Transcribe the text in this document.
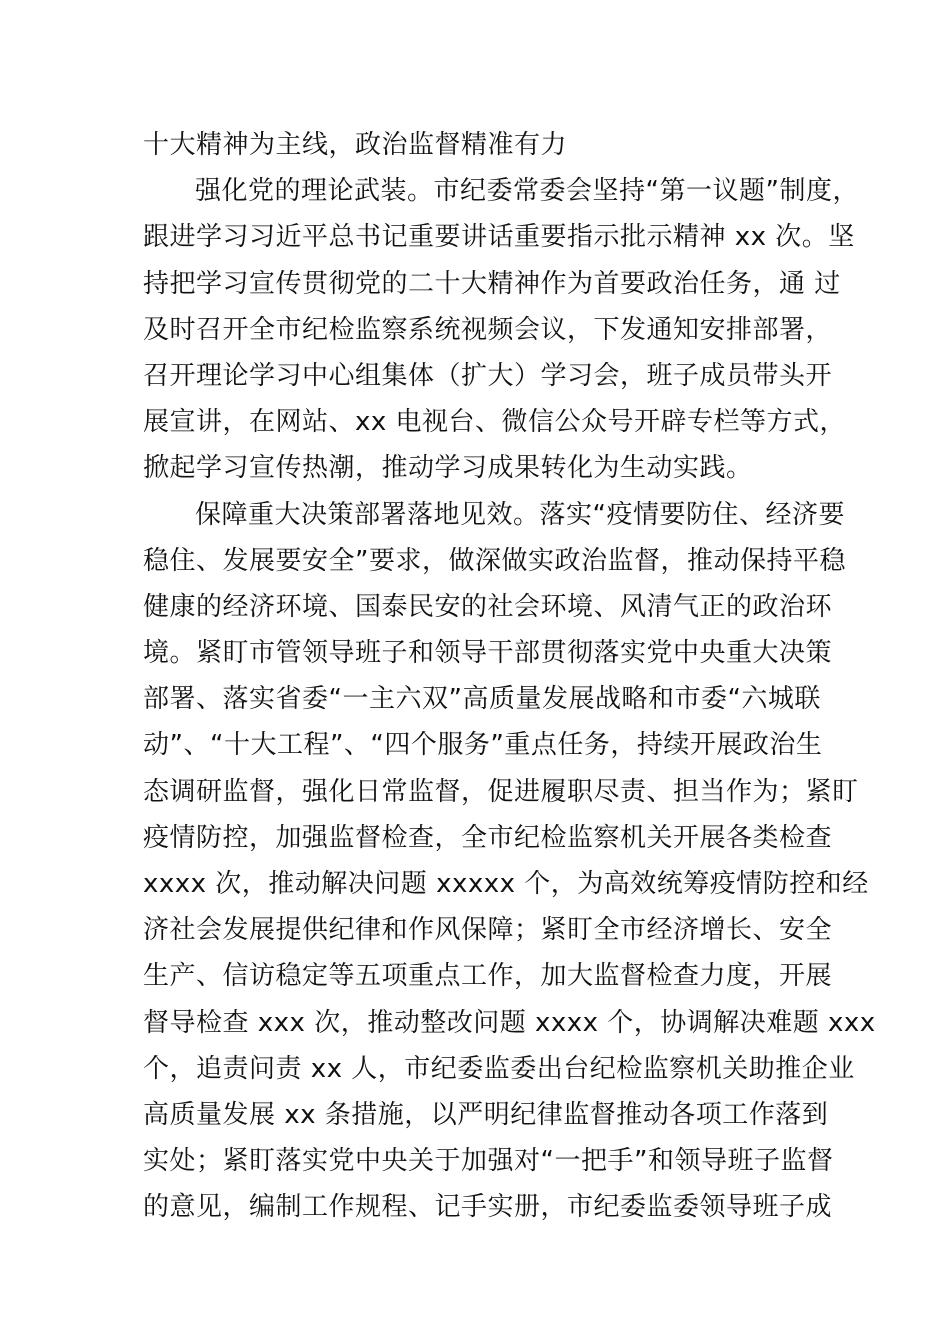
十大精神为主线，政治监督精准有力
强化党的理论武装。市纪委常委会坚持“第一议题”制度，
跟进学习习近平总书记重要讲话重要指示批示精神 xx 次。坚
持把学习宣传贯彻党的二十大精神作为首要政治任务，通 过
及时召开全市纪检监察系统视频会议，下发通知安排部署，
召开理论学习中心组集体（扩大）学习会，班子成员带头开
展宣讲，在网站、xx 电视台、微信公众号开辟专栏等方式，
掀起学习宣传热潮，推动学习成果转化为生动实践。
保障重大决策部署落地见效。落实“疫情要防住、经济要
稳住、发展要安全”要求，做深做实政治监督，推动保持平稳
健康的经济环境、国泰民安的社会环境、风清气正的政治环
境。紧盯市管领导班子和领导干部贯彻落实党中央重大决策
部署、落实省委“一主六双”高质量发展战略和市委“六城联
动”、“十大工程”、“四个服务”重点任务，持续开展政治生
态调研监督，强化日常监督，促进履职尽责、担当作为；紧盯
疫情防控，加强监督检查，全市纪检监察机关开展各类检查
xxxx 次，推动解决问题 xxxxx 个，为高效统筹疫情防控和经
济社会发展提供纪律和作风保障；紧盯全市经济增长、安全
生产、信访稳定等五项重点工作，加大监督检查力度，开展
督导检查 xxx 次，推动整改问题 xxxx 个，协调解决难题 xxx
个，追责问责 xx 人，市纪委监委出台纪检监察机关助推企业
高质量发展 xx 条措施，以严明纪律监督推动各项工作落到
实处；紧盯落实党中央关于加强对“一把手”和领导班子监督
的意见，编制工作规程、记手实册，市纪委监委领导班子成
